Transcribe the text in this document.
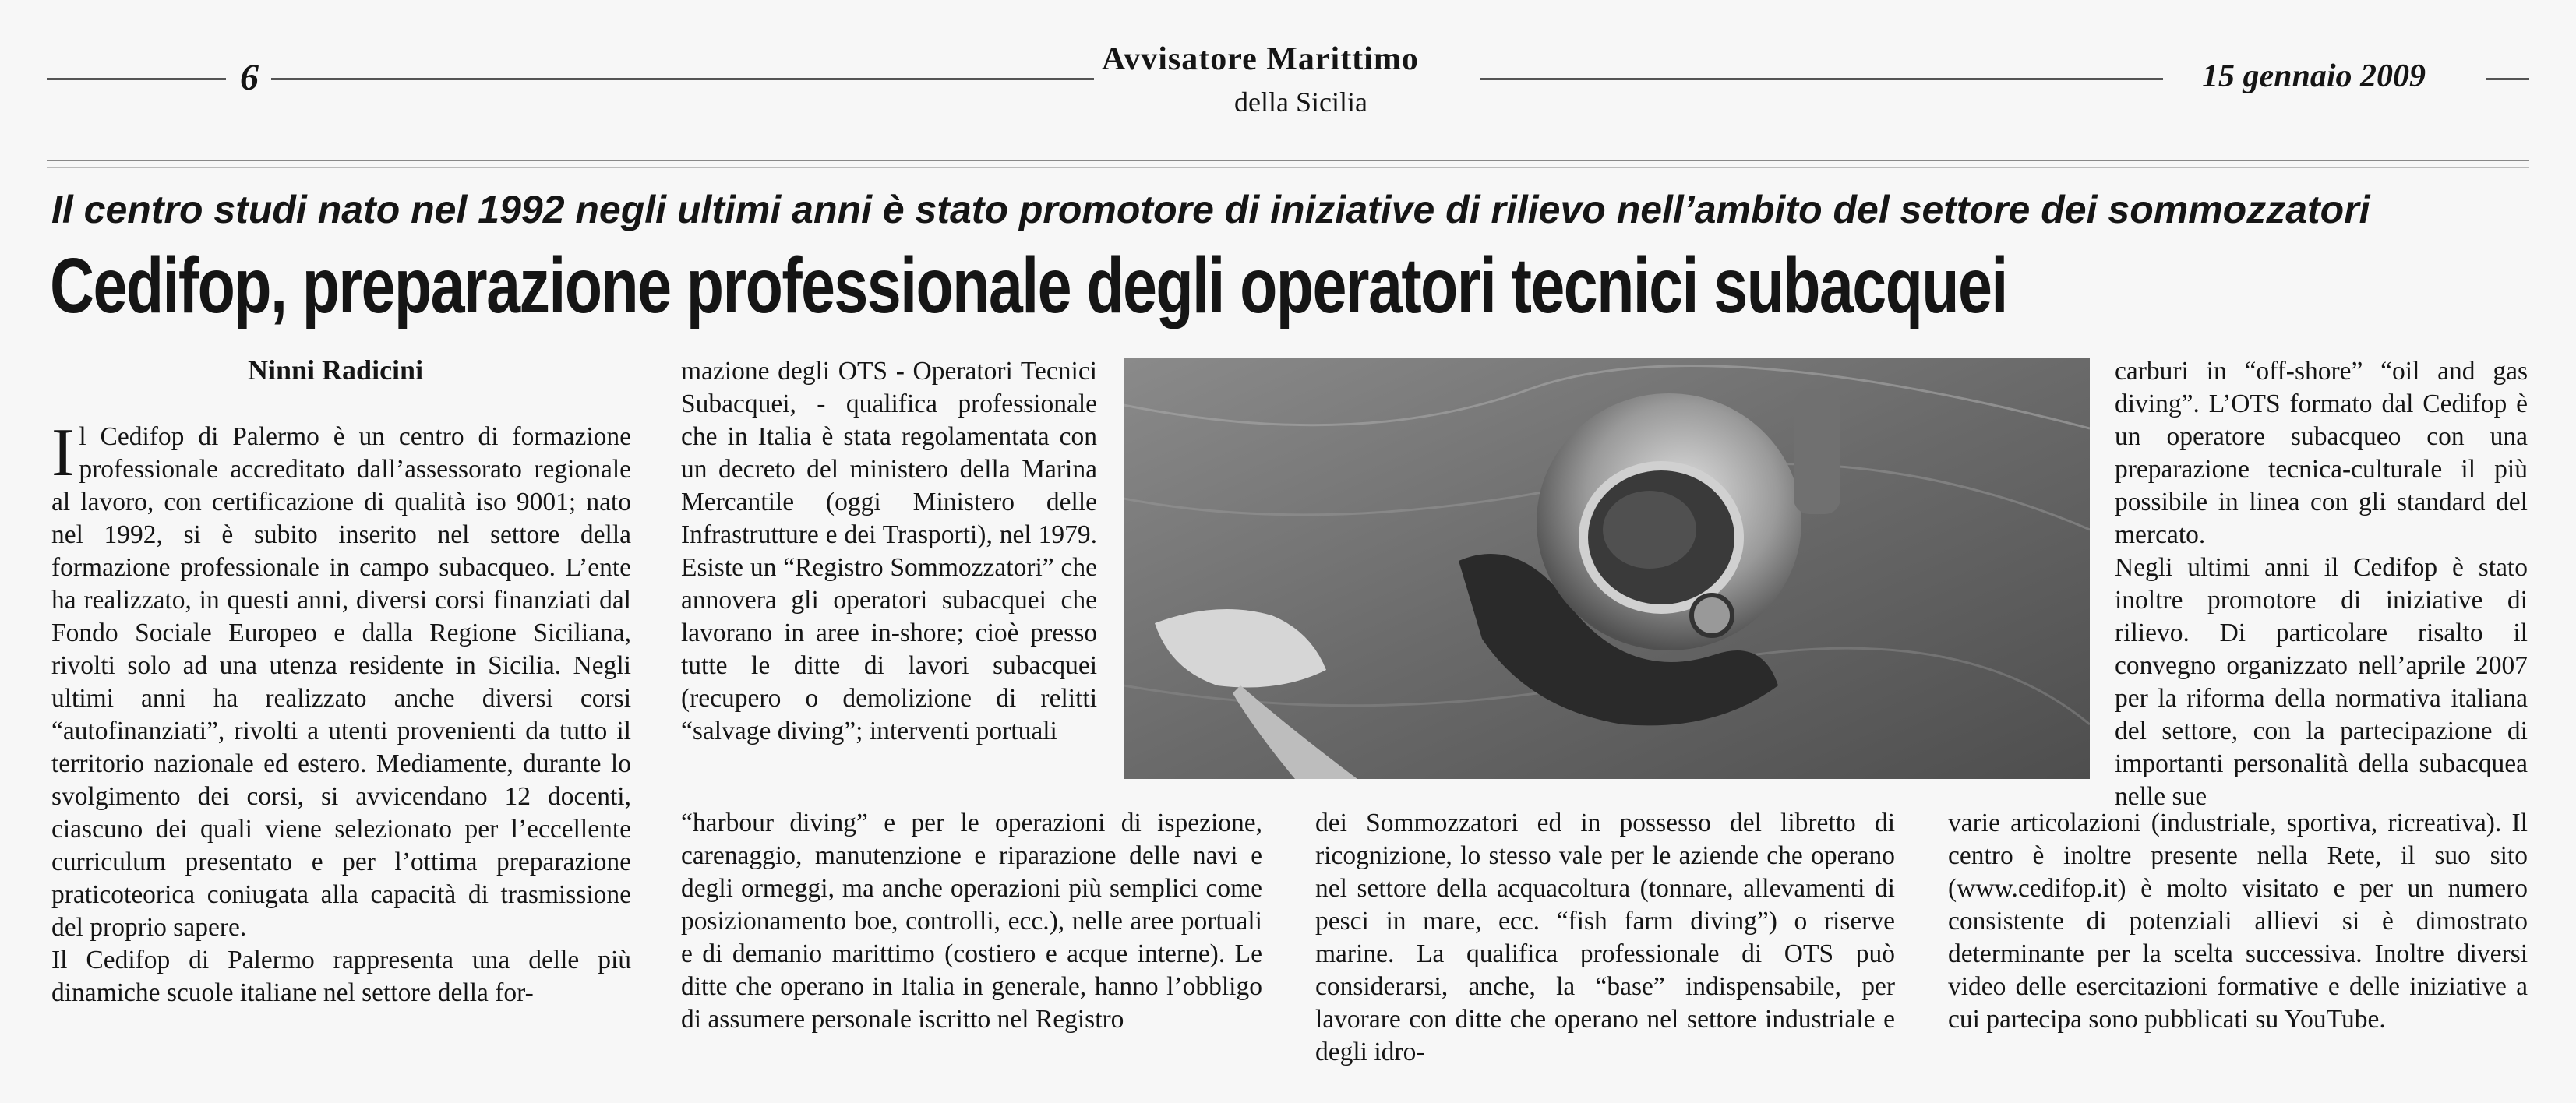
6	Avvisatore Marittimo
della Sicilia
15 gennaio 2009
Il centro studi nato nel 1992 negli ultimi anni è stato promotore di iniziative di rilievo nell’ambito del settore dei sommozzatori
Cedifop, preparazione professionale degli operatori tecnici subacquei
Ninni Radicini

Il Cedifop di Palermo è un centro di formazione professionale accreditato dall’assessorato regionale al lavoro, con certificazione di qualità iso 9001; nato nel 1992, si è subito inserito nel settore della formazione professionale in campo subacqueo. L’ente ha realizzato, in questi anni, diversi corsi finanziati dal Fondo Sociale Europeo e dalla Regione Siciliana, rivolti solo ad una utenza residente in Sicilia. Negli ultimi anni ha realizzato anche diversi corsi “autofinanziati”, rivolti a utenti provenienti da tutto il territorio nazionale ed estero. Mediamente, durante lo svolgimento dei corsi, si avvicendano 12 docenti, ciascuno dei quali viene selezionato per l’eccellente curriculum presentato e per l’ottima preparazione praticoteorica coniugata alla capacità di trasmissione del proprio sapere.

Il Cedifop di Palermo rappresenta una delle più dinamiche scuole italiane nel settore della for-

mazione degli OTS - Operatori Tecnici Subacquei, - qualifica professionale che in Italia è stata regolamentata con un decreto del ministero della Marina Mercantile (oggi Ministero delle Infrastrutture e dei Trasporti), nel 1979. Esiste un “Registro Sommozzatori” che annovera gli operatori subacquei che lavorano in aree in-shore; cioè presso tutte le ditte di lavori subacquei (recupero o demolizione di relitti “salvage diving”; interventi portuali

“harbour diving” e per le operazioni di ispezione, carenaggio, manutenzione e riparazione delle navi e degli ormeggi, ma anche operazioni più semplici come posizionamento boe, controlli, ecc.), nelle aree portuali e di demanio marittimo (costiero e acque interne). Le ditte che operano in Italia in generale, hanno l’obbligo di assumere personale iscritto nel Registro

dei Sommozzatori ed in possesso del libretto di ricognizione, lo stesso vale per le aziende che operano nel settore della acquacoltura (tonnare, allevamenti di pesci in mare, ecc. “fish farm diving”) o riserve marine. La qualifica professionale di OTS può considerarsi, anche, la “base” indispensabile, per lavorare con ditte che operano nel settore industriale e degli idro-

carburi in “off-shore” “oil and gas diving”. L’OTS formato dal Cedifop è un operatore subacqueo con una preparazione tecnica-culturale il più possibile in linea con gli standard del mercato.

Negli ultimi anni il Cedifop è stato inoltre promotore di iniziative di rilievo. Di particolare risalto il convegno organizzato nell’aprile 2007 per la riforma della normativa italiana del settore, con la partecipazione di importanti personalità della subacquea nelle sue

varie articolazioni (industriale, sportiva, ricreativa). Il centro è inoltre presente nella Rete, il suo sito (www.cedifop.it) è molto visitato e per un numero consistente di potenziali allievi si è dimostrato determinante per la scelta successiva. Inoltre diversi video delle esercitazioni formative e delle iniziative a cui partecipa sono pubblicati su YouTube.
